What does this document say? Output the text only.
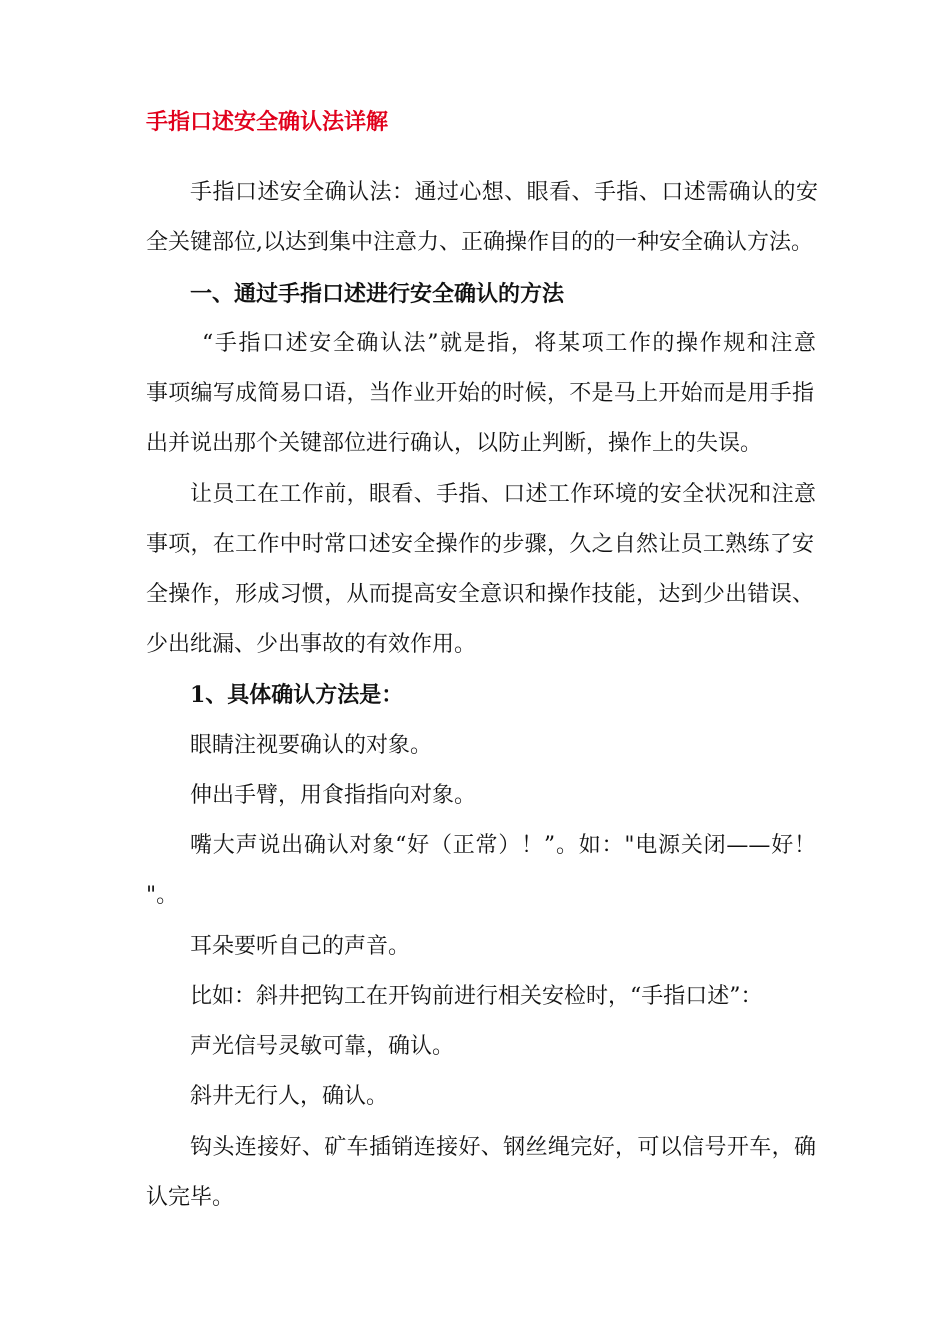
手指口述安全确认法详解

手指口述安全确认法：通过心想、眼看、手指、口述需确认的安

全关键部位,以达到集中注意力、正确操作目的的一种安全确认方法。

一、通过手指口述进行安全确认的方法

“手指口述安全确认法”就是指，将某项工作的操作规和注意

事项编写成简易口语，当作业开始的时候，不是马上开始而是用手指

出并说出那个关键部位进行确认，以防止判断，操作上的失误。

让员工在工作前，眼看、手指、口述工作环境的安全状况和注意

事项，在工作中时常口述安全操作的步骤，久之自然让员工熟练了安

全操作，形成习惯，从而提高安全意识和操作技能，达到少出错误、

少出纰漏、少出事故的有效作用。

1、具体确认方法是：

眼睛注视要确认的对象。

伸出手臂，用食指指向对象。

嘴大声说出确认对象“好（正常）！”。如："电源关闭——好！

"。

耳朵要听自己的声音。

比如：斜井把钩工在开钩前进行相关安检时，“手指口述”：

声光信号灵敏可靠，确认。

斜井无行人，确认。

钩头连接好、矿车插销连接好、钢丝绳完好，可以信号开车，确

认完毕。
